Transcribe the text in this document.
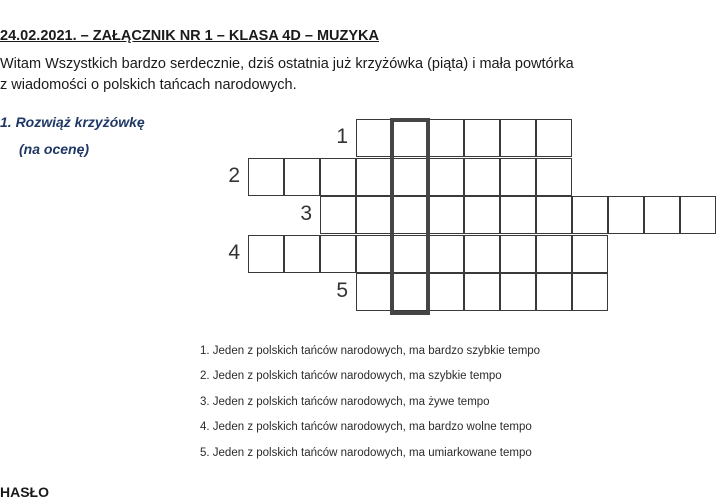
24.02.2021. – ZAŁĄCZNIK NR 1 – KLASA 4D – MUZYKA
Witam Wszystkich bardzo serdecznie, dziś ostatnia już krzyżówka (piąta) i mała powtórka
z wiadomości o polskich tańcach narodowych.
1. Rozwiąż krzyżówkę
(na ocenę)
1
2
3
4
5
1. Jeden z polskich tańców narodowych, ma bardzo szybkie tempo
2. Jeden z polskich tańców narodowych, ma szybkie tempo
3. Jeden z polskich tańców narodowych, ma żywe tempo
4. Jeden z polskich tańców narodowych, ma bardzo wolne tempo
5. Jeden z polskich tańców narodowych, ma umiarkowane tempo
HASŁO
